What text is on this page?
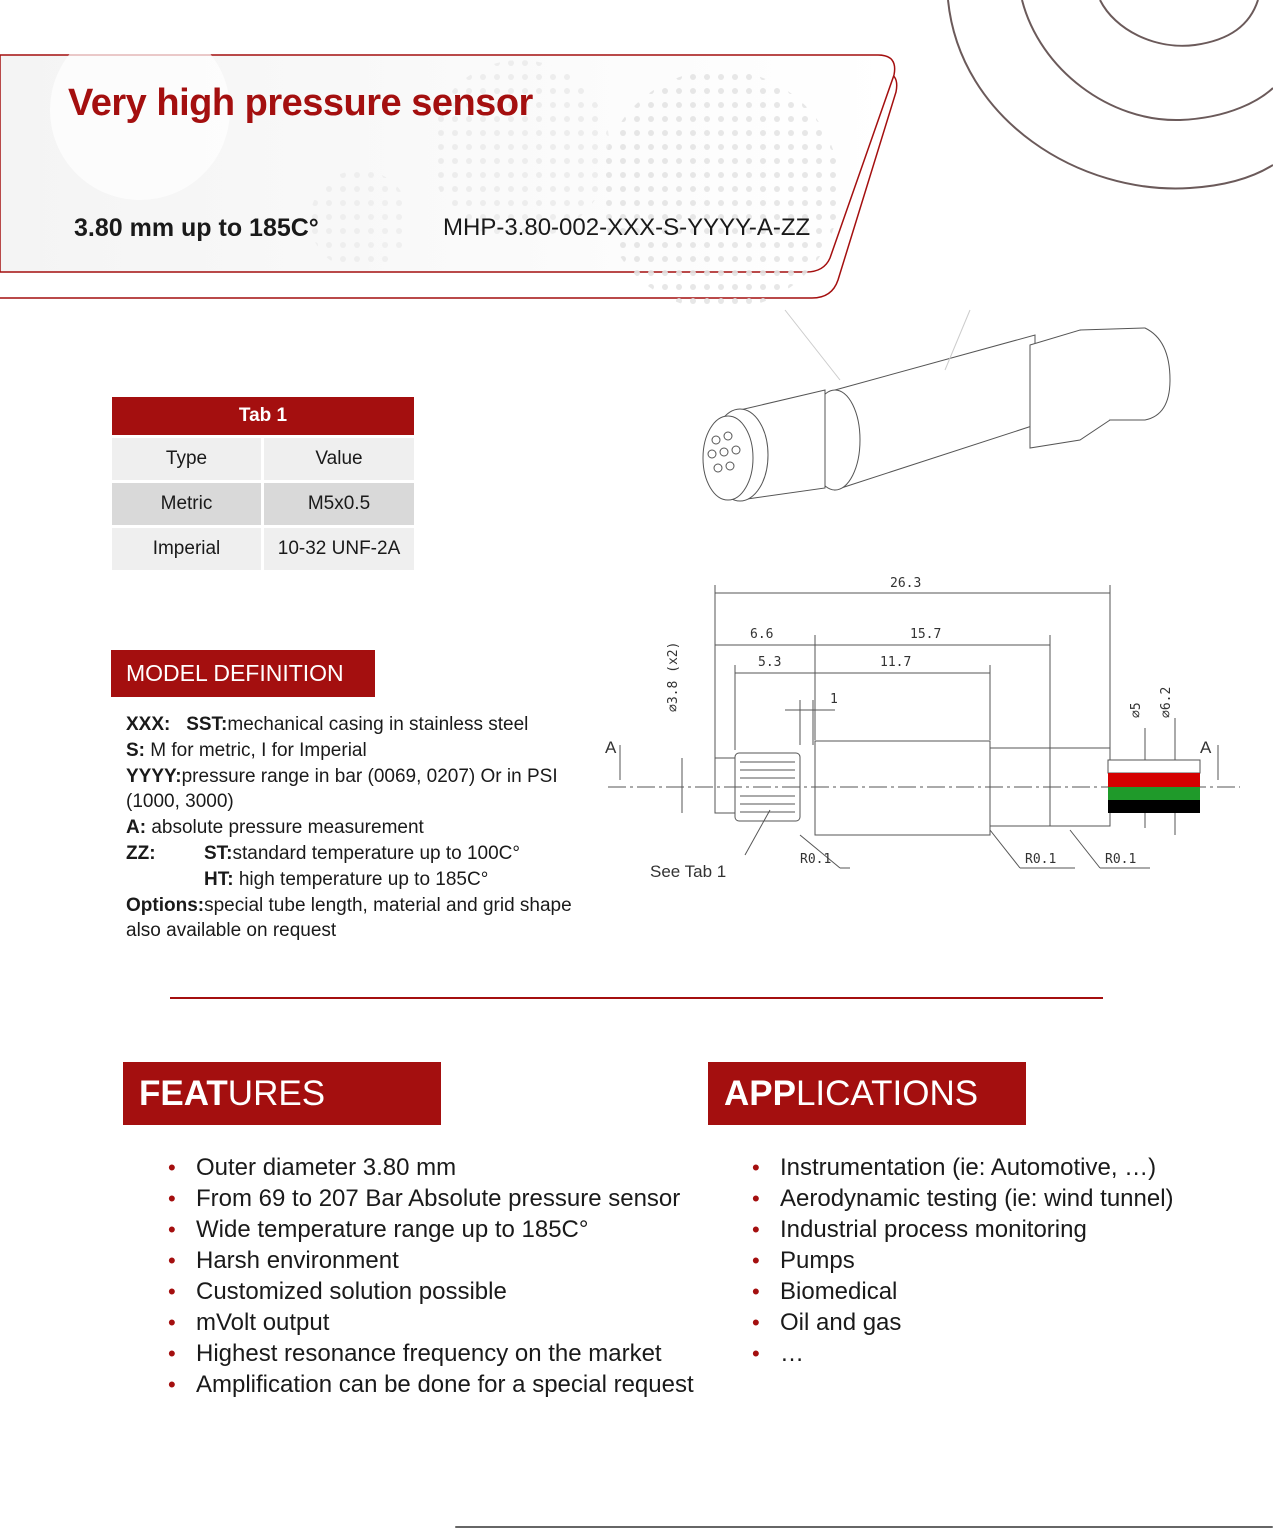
Very high pressure sensor
3.80 mm up to 185C°	MHP-3.80-002-XXX-S-YYYY-A-ZZ
Tab 1
Type	Value
Metric	M5x0.5
Imperial	10-32 UNF-2A
MODEL DEFINITION
XXX: SST:mechanical casing in stainless steel
S: M for metric, I for Imperial
YYYY:pressure range in bar (0069, 0207) Or in PSI
(1000, 3000)
A: absolute pressure measurement
ZZ:	ST:standard temperature up to 100C°
HT: high temperature up to 185C°
Options:special tube length, material and grid shape
also available on request
26.3
6.6	15.7
5.3	11.7
1
⌀3.8 (x2)	⌀5 ⌀6.2
R0.1	R0.1	R0.1
A	A
See Tab 1
FEAT URES
• Outer diameter 3.80 mm
• From 69 to 207 Bar Absolute pressure sensor
• Wide temperature range up to 185C°
• Harsh environment
• Customized solution possible
• mVolt output
• Highest resonance frequency on the market
• Amplification can be done for a special request
APP LICATIONS
• Instrumentation (ie: Automotive, …)
• Aerodynamic testing (ie: wind tunnel)
• Industrial process monitoring
• Pumps
• Biomedical
• Oil and gas
• …
